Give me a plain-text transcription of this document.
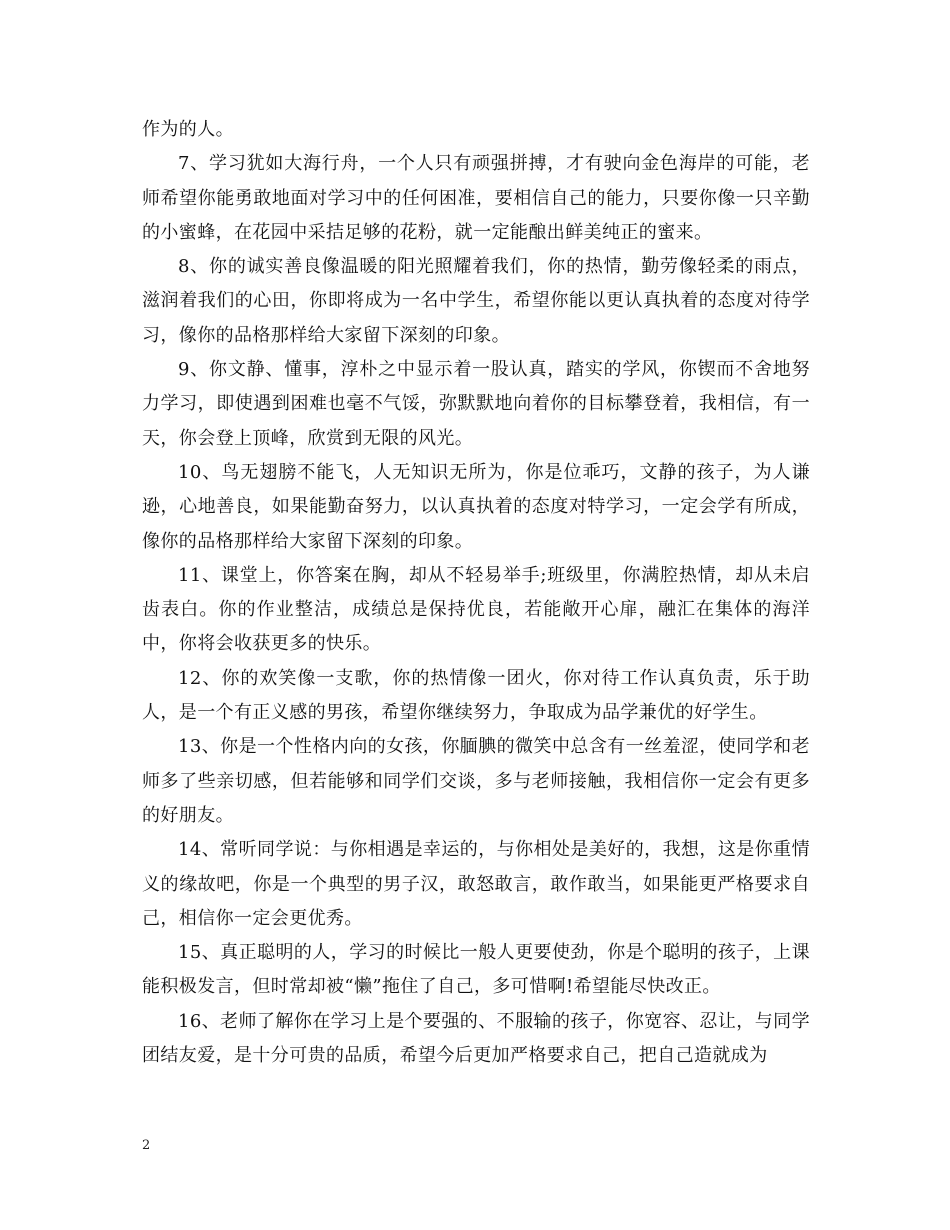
作为的人。

7、学习犹如大海行舟，一个人只有顽强拼搏，才有驶向金色海岸的可能，老师希望你能勇敢地面对学习中的任何困准，要相信自己的能力，只要你像一只辛勤的小蜜蜂，在花园中采拮足够的花粉，就一定能酿出鲜美纯正的蜜来。

8、你的诚实善良像温暖的阳光照耀着我们，你的热情，勤劳像轻柔的雨点，滋润着我们的心田，你即将成为一名中学生，希望你能以更认真执着的态度对待学习，像你的品格那样给大家留下深刻的印象。

9、你文静、懂事，淳朴之中显示着一股认真，踏实的学风，你锲而不舍地努力学习，即使遇到困难也毫不气馁，弥默默地向着你的目标攀登着，我相信，有一天，你会登上顶峰，欣赏到无限的风光。

10、鸟无翅膀不能飞，人无知识无所为，你是位乖巧，文静的孩子，为人谦逊，心地善良，如果能勤奋努力，以认真执着的态度对特学习，一定会学有所成，像你的品格那样给大家留下深刻的印象。

11、课堂上，你答案在胸，却从不轻易举手;班级里，你满腔热情，却从未启齿表白。你的作业整洁，成绩总是保持优良，若能敞开心扉，融汇在集体的海洋中，你将会收获更多的快乐。

12、你的欢笑像一支歌，你的热情像一团火，你对待工作认真负责，乐于助人，是一个有正义感的男孩，希望你继续努力，争取成为品学兼优的好学生。

13、你是一个性格内向的女孩，你腼腆的微笑中总含有一丝羞涩，使同学和老师多了些亲切感，但若能够和同学们交谈，多与老师接触，我相信你一定会有更多的好朋友。

14、常听同学说：与你相遇是幸运的，与你相处是美好的，我想，这是你重情义的缘故吧，你是一个典型的男子汉，敢怒敢言，敢作敢当，如果能更严格要求自己，相信你一定会更优秀。

15、真正聪明的人，学习的时候比一般人更要使劲，你是个聪明的孩子，上课能积极发言，但时常却被“懒”拖住了自己，多可惜啊!希望能尽快改正。

16、老师了解你在学习上是个要强的、不服输的孩子，你宽容、忍让，与同学团结友爱，是十分可贵的品质，希望今后更加严格要求自己，把自己造就成为

2
